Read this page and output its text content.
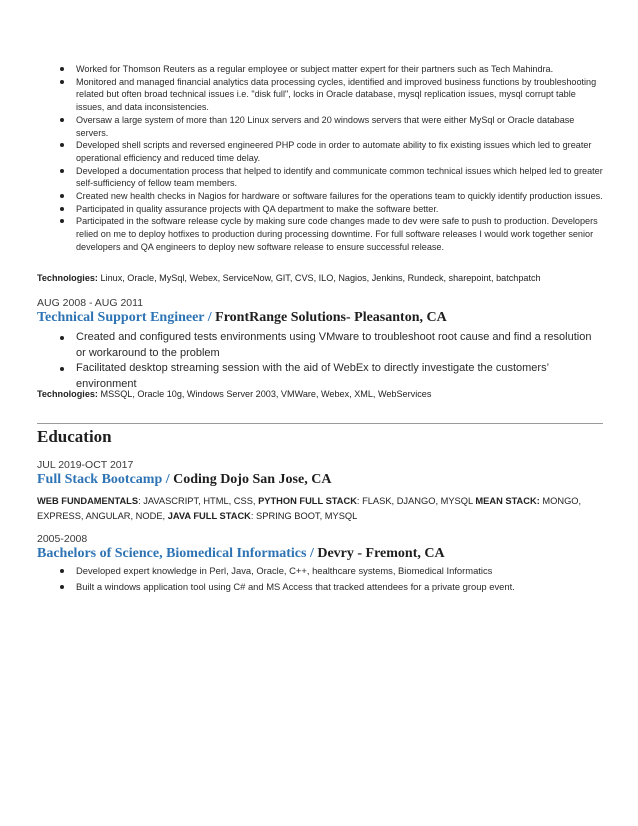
Worked for Thomson Reuters as a regular employee or subject matter expert for their partners such as Tech Mahindra.
Monitored and managed financial analytics data processing cycles, identified and improved business functions by troubleshooting related but often broad technical issues i.e. "disk full", locks in Oracle database, mysql replication issues, mysql corrupt table issues, and data inconsistencies.
Oversaw a large system of more than 120 Linux servers and 20 windows servers that were either MySql or Oracle database servers.
Developed shell scripts and reversed engineered PHP code in order to automate ability to fix existing issues which led to greater operational efficiency and reduced time delay.
Developed a documentation process that helped to identify and communicate common technical issues which helped led to greater self-sufficiency of fellow team members.
Created new health checks in Nagios for hardware or software failures for the operations team to quickly identify production issues.
Participated in quality assurance projects with QA department to make the software better.
Participated in the software release cycle by making sure code changes made to dev were safe to push to production. Developers relied on me to deploy hotfixes to production during processing downtime. For full software releases I would work together senior developers and QA engineers to deploy new software release to ensure successful release.
Technologies: Linux, Oracle, MySql, Webex, ServiceNow, GIT, CVS, ILO, Nagios, Jenkins, Rundeck, sharepoint, batchpatch
AUG 2008 - AUG 2011
Technical Support Engineer / FrontRange Solutions- Pleasanton, CA
Created and configured tests environments using VMware to troubleshoot root cause and find a resolution or workaround to the problem
Facilitated desktop streaming session with the aid of WebEx to directly investigate the customers’ environment
Technologies: MSSQL, Oracle 10g, Windows Server 2003, VMWare, Webex, XML, WebServices
Education
JUL 2019-OCT 2017
Full Stack Bootcamp / Coding Dojo San Jose, CA
WEB FUNDAMENTALS: JAVASCRIPT, HTML, CSS, PYTHON FULL STACK: FLASK, DJANGO, MYSQL MEAN STACK: MONGO, EXPRESS, ANGULAR, NODE, JAVA FULL STACK: SPRING BOOT, MYSQL
2005-2008
Bachelors of Science, Biomedical Informatics / Devry - Fremont, CA
Developed expert knowledge in Perl, Java, Oracle, C++, healthcare systems, Biomedical Informatics
Built a windows application tool using C# and MS Access that tracked attendees for a private group event.
